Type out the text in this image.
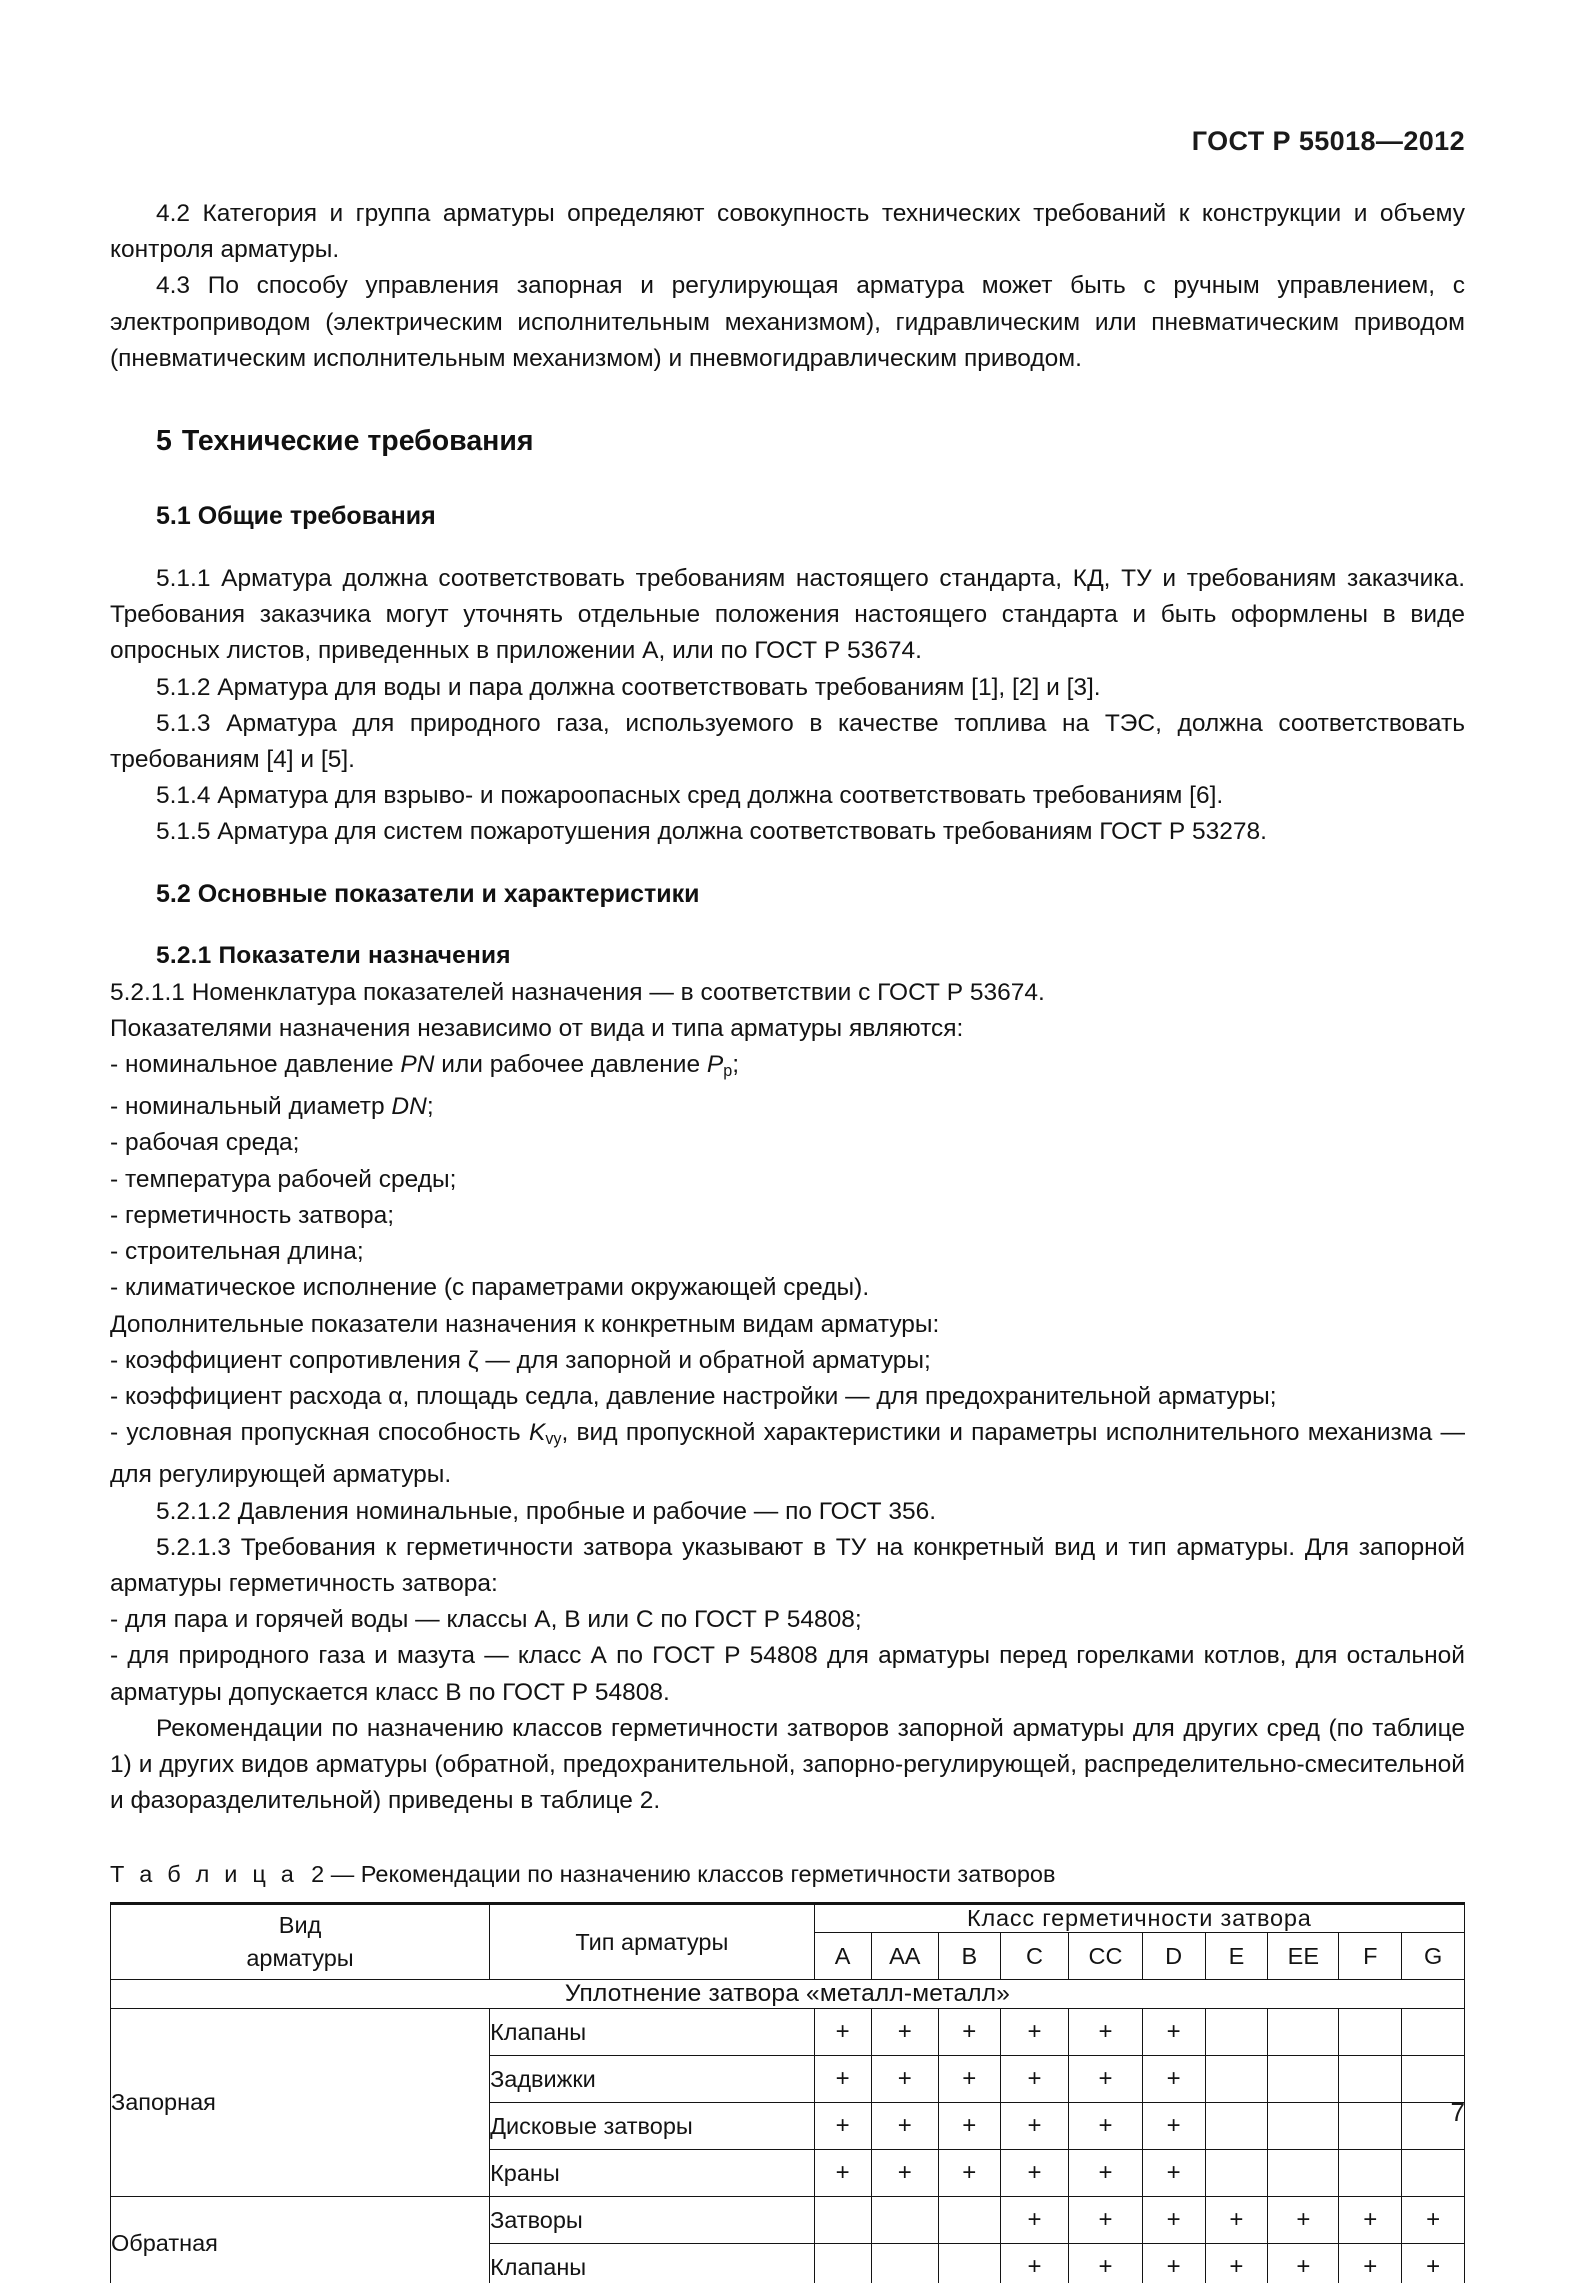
ГОСТ Р 55018—2012

4.2 Категория и группа арматуры определяют совокупность технических требований к конструкции и объему контроля арматуры.

4.3 По способу управления запорная и регулирующая арматура может быть с ручным управлением, с электроприводом (электрическим исполнительным механизмом), гидравлическим или пневматическим приводом (пневматическим исполнительным механизмом) и пневмогидравлическим приводом.

5 Технические требования
5.1 Общие требования

5.1.1 Арматура должна соответствовать требованиям настоящего стандарта, КД, ТУ и требованиям заказчика. Требования заказчика могут уточнять отдельные положения настоящего стандарта и быть оформлены в виде опросных листов, приведенных в приложении А, или по ГОСТ Р 53674.

5.1.2 Арматура для воды и пара должна соответствовать требованиям [1], [2] и [3].

5.1.3 Арматура для природного газа, используемого в качестве топлива на ТЭС, должна соответствовать требованиям [4] и [5].

5.1.4 Арматура для взрыво- и пожароопасных сред должна соответствовать требованиям [6].

5.1.5 Арматура для систем пожаротушения должна соответствовать требованиям ГОСТ Р 53278.

5.2 Основные показатели и характеристики
5.2.1 Показатели назначения

5.2.1.1 Номенклатура показателей назначения — в соответствии с ГОСТ Р 53674.

Показателями назначения независимо от вида и типа арматуры являются:

- номинальное давление PN или рабочее давление $P_р$;

- номинальный диаметр DN;

- рабочая среда;

- температура рабочей среды;

- герметичность затвора;

- строительная длина;

- климатическое исполнение (с параметрами окружающей среды).

Дополнительные показатели назначения к конкретным видам арматуры:

- коэффициент сопротивления ζ — для запорной и обратной арматуры;

- коэффициент расхода α, площадь седла, давление настройки — для предохранительной арматуры;

- условная пропускная способность $K_{vy}$, вид пропускной характеристики и параметры исполнительного механизма — для регулирующей арматуры.

5.2.1.2 Давления номинальные, пробные и рабочие — по ГОСТ 356.

5.2.1.3 Требования к герметичности затвора указывают в ТУ на конкретный вид и тип арматуры. Для запорной арматуры герметичность затвора:

- для пара и горячей воды — классы А, В или С по ГОСТ Р 54808;

- для природного газа и мазута — класс А по ГОСТ Р 54808 для арматуры перед горелками котлов, для остальной арматуры допускается класс В по ГОСТ Р 54808.

Рекомендации по назначению классов герметичности затворов запорной арматуры для других сред (по таблице 1) и других видов арматуры (обратной, предохранительной, запорно-регулирующей, распределительно-смесительной и фазоразделительной) приведены в таблице 2.

Т а б л и ц а 2 — Рекомендации по назначению классов герметичности затворов
Вид
арматуры	Тип арматуры	Класс герметичности затвора									
		А	АА	В	С	СС	D	Е	ЕЕ	F	G
Уплотнение затвора «металл-металл»											
Запорная	Клапаны	+	+	+	+	+	+				
	Задвижки	+	+	+	+	+	+				
	Дисковые затворы	+	+	+	+	+	+				
	Краны	+	+	+	+	+	+				
Обратная	Затворы				+	+	+	+	+	+	+
	Клапаны				+	+	+	+	+	+	+
7
